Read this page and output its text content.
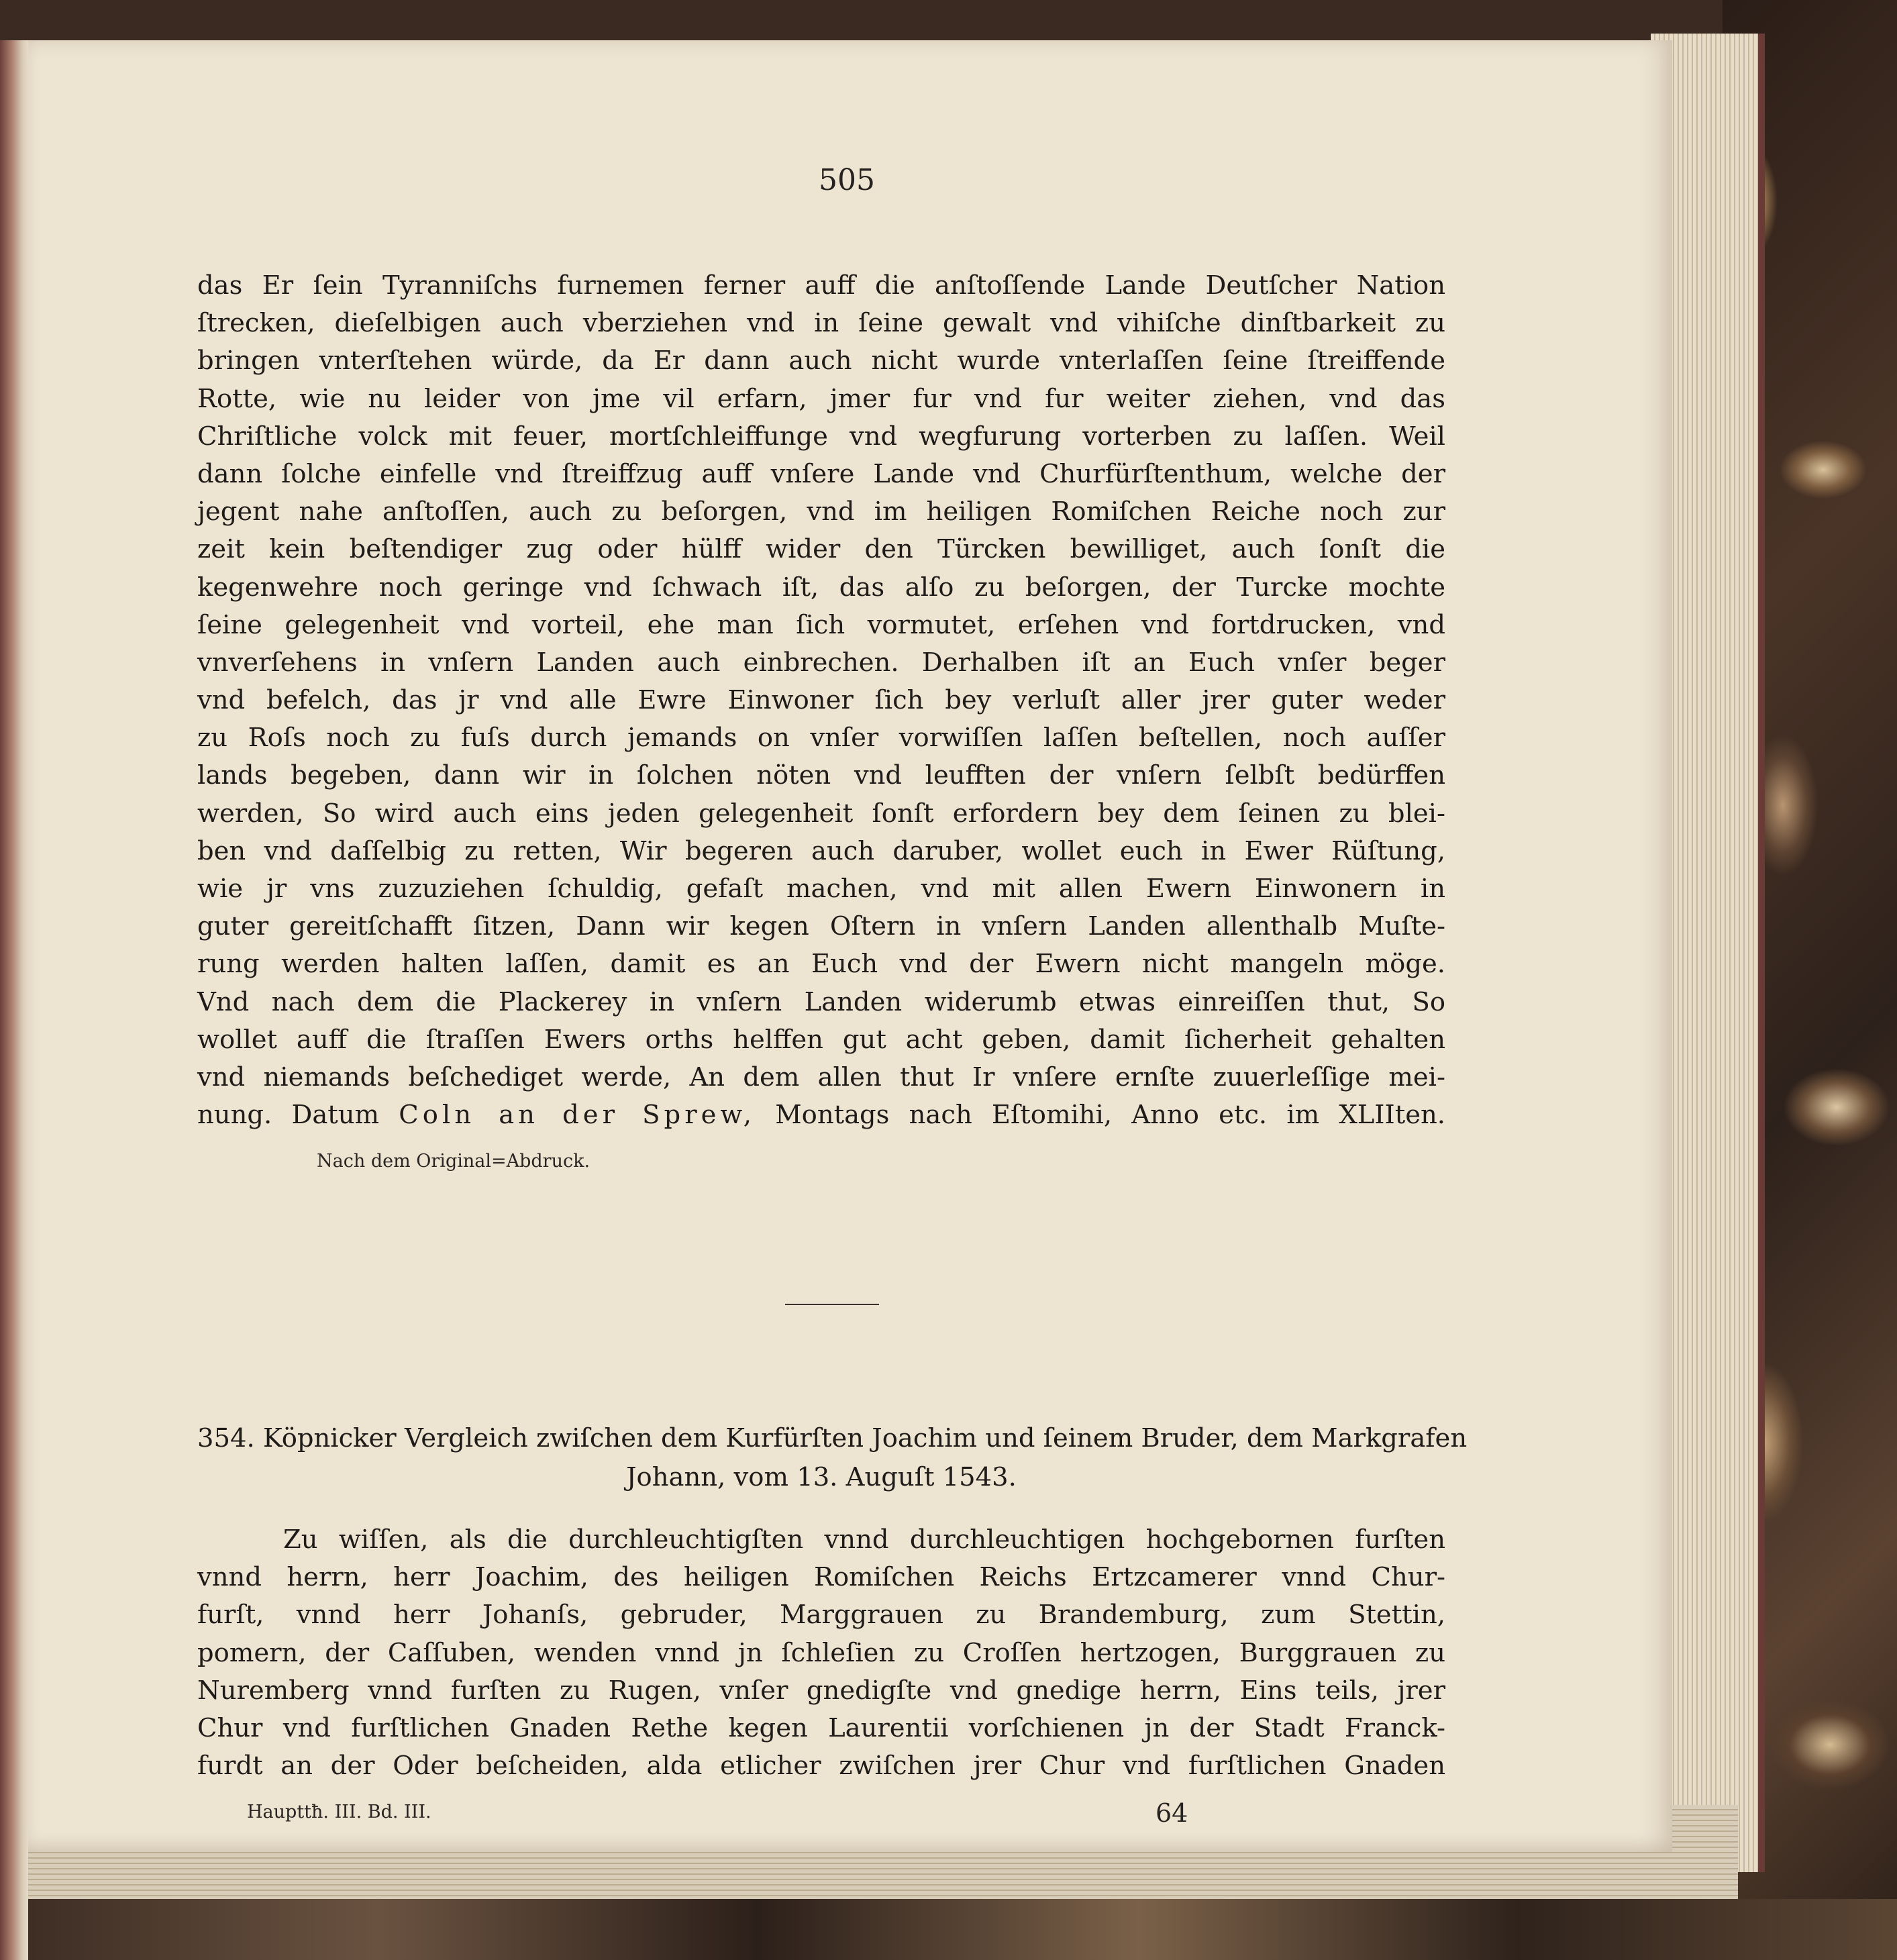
505
das Er ſein Tyranniſchs furnemen ferner auff die anſtoſſende Lande Deutſcher Nation
ſtrecken, dieſelbigen auch vberziehen vnd in ſeine gewalt vnd vihiſche dinſtbarkeit zu
bringen vnterſtehen würde, da Er dann auch nicht wurde vnterlaſſen ſeine ſtreiffende
Rotte, wie nu leider von jme vil erfarn, jmer fur vnd fur weiter ziehen, vnd das
Chriſtliche volck mit feuer, mortſchleiffunge vnd wegfurung vorterben zu laſſen. Weil
dann ſolche einfelle vnd ſtreiffzug auff vnſere Lande vnd Churfürſtenthum, welche der
jegent nahe anſtoſſen, auch zu beſorgen, vnd im heiligen Romiſchen Reiche noch zur
zeit kein beſtendiger zug oder hülff wider den Türcken bewilliget, auch ſonſt die
kegenwehre noch geringe vnd ſchwach iſt, das alſo zu beſorgen, der Turcke mochte
ſeine gelegenheit vnd vorteil, ehe man ſich vormutet, erſehen vnd fortdrucken, vnd
vnverſehens in vnſern Landen auch einbrechen. Derhalben iſt an Euch vnſer beger
vnd befelch, das jr vnd alle Ewre Einwoner ſich bey verluſt aller jrer guter weder
zu Roſs noch zu fuſs durch jemands on vnſer vorwiſſen laſſen beſtellen, noch auſſer
lands begeben, dann wir in ſolchen nöten vnd leufften der vnſern ſelbſt bedürffen
werden, So wird auch eins jeden gelegenheit ſonſt erfordern bey dem ſeinen zu blei-
ben vnd daſſelbig zu retten, Wir begeren auch daruber, wollet euch in Ewer Rüſtung,
wie jr vns zuzuziehen ſchuldig, gefaſt machen, vnd mit allen Ewern Einwonern in
guter gereitſchafft ſitzen, Dann wir kegen Oſtern in vnſern Landen allenthalb Muſte-
rung werden halten laſſen, damit es an Euch vnd der Ewern nicht mangeln möge.
Vnd nach dem die Plackerey in vnſern Landen widerumb etwas einreiſſen thut, So
wollet auff die ſtraſſen Ewers orths helffen gut acht geben, damit ſicherheit gehalten
vnd niemands beſchediget werde, An dem allen thut Ir vnſere ernſte zuuerleſſige mei-
nung. Datum Coln an der Sprew, Montags nach Eſtomihi, Anno etc. im XLIIten.
Nach dem Original=Abdruck.
354. Köpnicker Vergleich zwiſchen dem Kurfürſten Joachim und ſeinem Bruder, dem Markgrafen
Johann, vom 13. Auguſt 1543.
Zu wiſſen, als die durchleuchtigſten vnnd durchleuchtigen hochgebornen furſten
vnnd herrn, herr Joachim, des heiligen Romiſchen Reichs Ertzcamerer vnnd Chur-
furſt, vnnd herr Johanſs, gebruder, Marggrauen zu Brandemburg, zum Stettin,
pomern, der Caſſuben, wenden vnnd jn ſchleſien zu Croſſen hertzogen, Burggrauen zu
Nuremberg vnnd furſten zu Rugen, vnſer gnedigſte vnd gnedige herrn, Eins teils, jrer
Chur vnd furſtlichen Gnaden Rethe kegen Laurentii vorſchienen jn der Stadt Franck-
furdt an der Oder beſcheiden, alda etlicher zwiſchen jrer Chur vnd furſtlichen Gnaden
Haupttħ. III. Bd. III.	64
